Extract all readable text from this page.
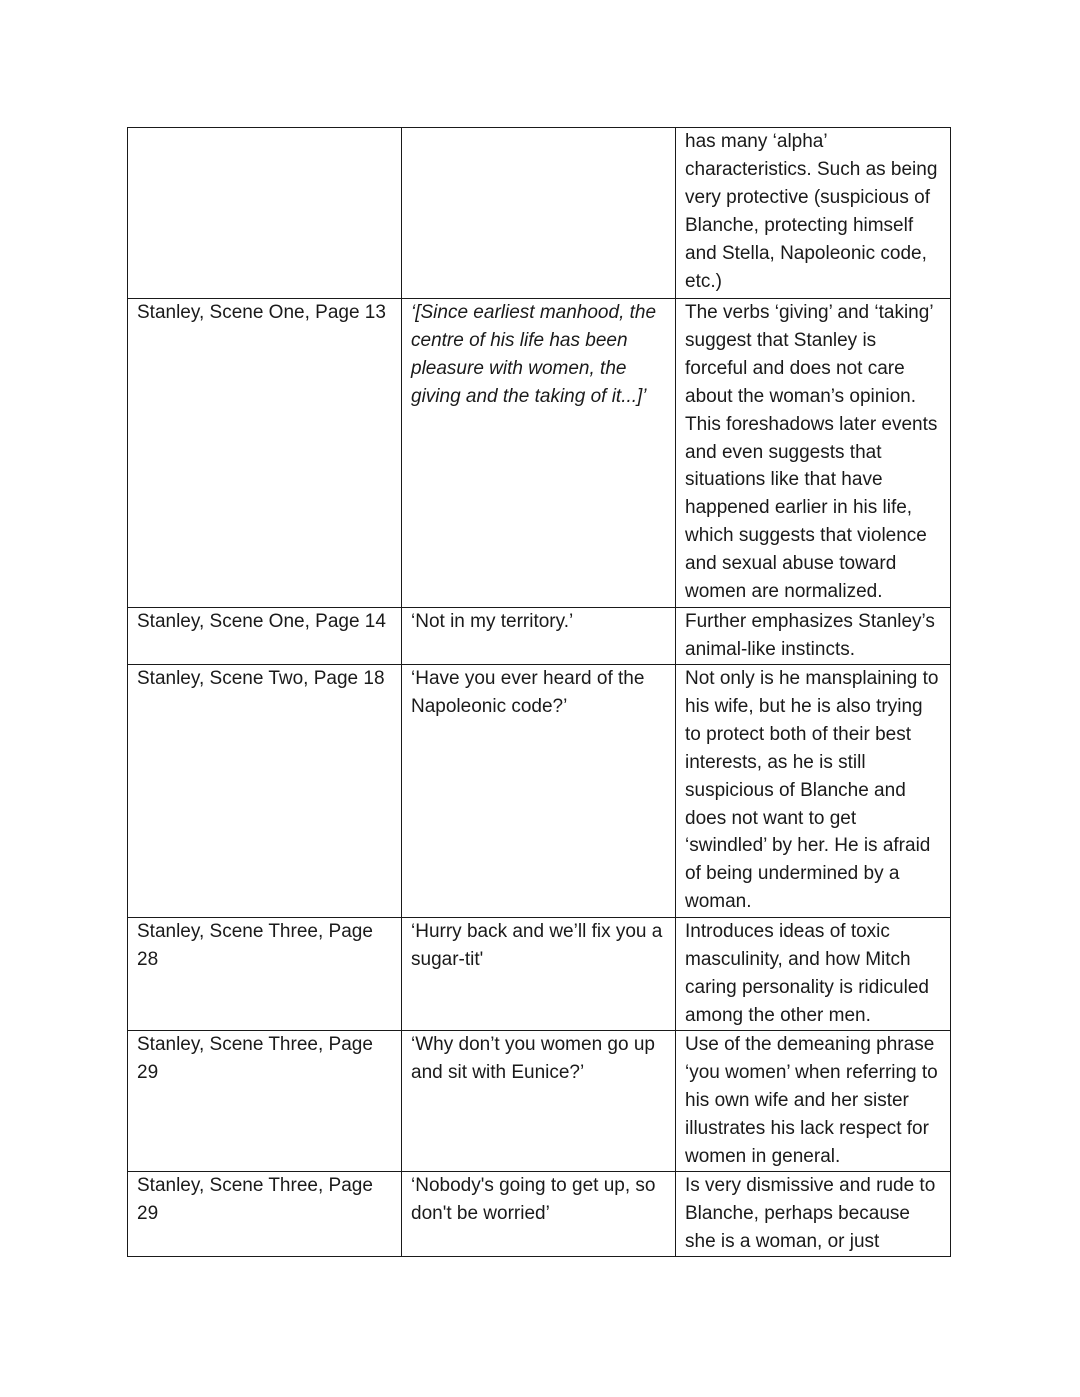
		has many ‘alpha’ characteristics. Such as being very protective (suspicious of Blanche, protecting himself and Stella, Napoleonic code, etc.)

Stanley, Scene One, Page 13	‘[Since earliest manhood, the centre of his life has been pleasure with women, the giving and the taking of it...]’	The verbs ‘giving’ and ‘taking’ suggest that Stanley is forceful and does not care about the woman’s opinion. This foreshadows later events and even suggests that situations like that have happened earlier in his life, which suggests that violence and sexual abuse toward women are normalized.

Stanley, Scene One, Page 14	‘Not in my territory.’	Further emphasizes Stanley’s animal-like instincts.

Stanley, Scene Two, Page 18	‘Have you ever heard of the Napoleonic code?’	Not only is he mansplaining to his wife, but he is also trying to protect both of their best interests, as he is still suspicious of Blanche and does not want to get ‘swindled’ by her. He is afraid of being undermined by a woman.

Stanley, Scene Three, Page 28	‘Hurry back and we’ll fix you a sugar-tit'	Introduces ideas of toxic masculinity, and how Mitch caring personality is ridiculed among the other men.

Stanley, Scene Three, Page 29	‘Why don’t you women go up and sit with Eunice?’	Use of the demeaning phrase ‘you women’ when referring to his own wife and her sister illustrates his lack respect for women in general.

Stanley, Scene Three, Page 29	‘Nobody's going to get up, so don't be worried’	Is very dismissive and rude to Blanche, perhaps because she is a woman, or just
